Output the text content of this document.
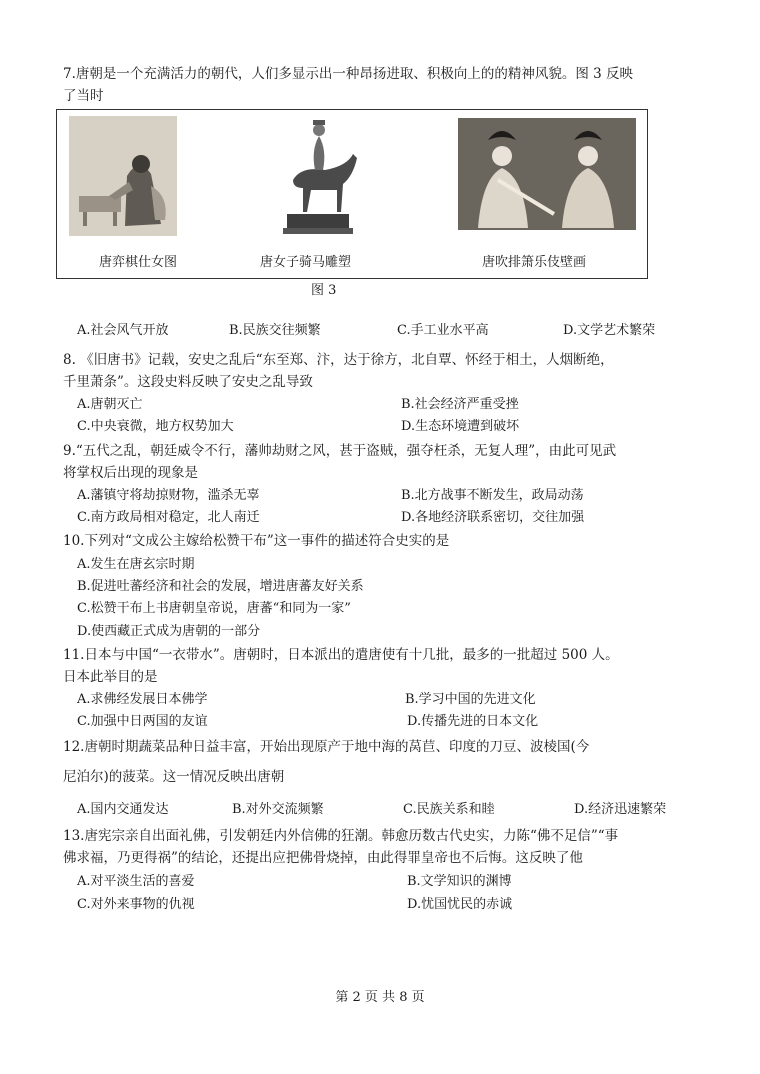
7.唐朝是一个充满活力的朝代，人们多显示出一种昂扬进取、积极向上的的精神风貌。图 3 反映
了当时
唐弈棋仕女图	唐女子骑马雕塑	唐吹排箫乐伎壁画
图 3
A.社会风气开放	B.民族交往频繁	C.手工业水平高	D.文学艺术繁荣
8. 《旧唐书》记载，安史之乱后“东至郑、汴，达于徐方，北自覃、怀经于相土，人烟断绝，
千里萧条”。这段史料反映了安史之乱导致
A.唐朝灭亡	B.社会经济严重受挫
C.中央衰微，地方权势加大	D.生态环境遭到破坏
9.“五代之乱，朝廷威令不行，藩帅劫财之风，甚于盗贼，强夺枉杀，无复人理”，由此可见武
将掌权后出现的现象是
A.藩镇守将劫掠财物，滥杀无辜	B.北方战事不断发生，政局动荡
C.南方政局相对稳定，北人南迁	D.各地经济联系密切，交往加强
10.下列对“文成公主嫁给松赞干布”这一事件的描述符合史实的是
A.发生在唐玄宗时期
B.促进吐蕃经济和社会的发展，增进唐蕃友好关系
C.松赞干布上书唐朝皇帝说，唐蕃“和同为一家”
D.使西藏正式成为唐朝的一部分
11.日本与中国“一衣带水”。唐朝时，日本派出的遣唐使有十几批，最多的一批超过 500 人。
日本此举目的是
A.求佛经发展日本佛学	B.学习中国的先进文化
C.加强中日两国的友谊	D.传播先进的日本文化
12.唐朝时期蔬菜品种日益丰富，开始出现原产于地中海的莴苣、印度的刀豆、波棱国(今
尼泊尔)的菠菜。这一情况反映出唐朝
A.国内交通发达	B.对外交流频繁	C.民族关系和睦	D.经济迅速繁荣
13.唐宪宗亲自出面礼佛，引发朝廷内外信佛的狂潮。韩愈历数古代史实，力陈“佛不足信”“事
佛求福，乃更得祸”的结论，还提出应把佛骨烧掉，由此得罪皇帝也不后悔。这反映了他
A.对平淡生活的喜爱	B.文学知识的渊博
C.对外来事物的仇视	D.忧国忧民的赤诚
第 2 页 共 8 页
